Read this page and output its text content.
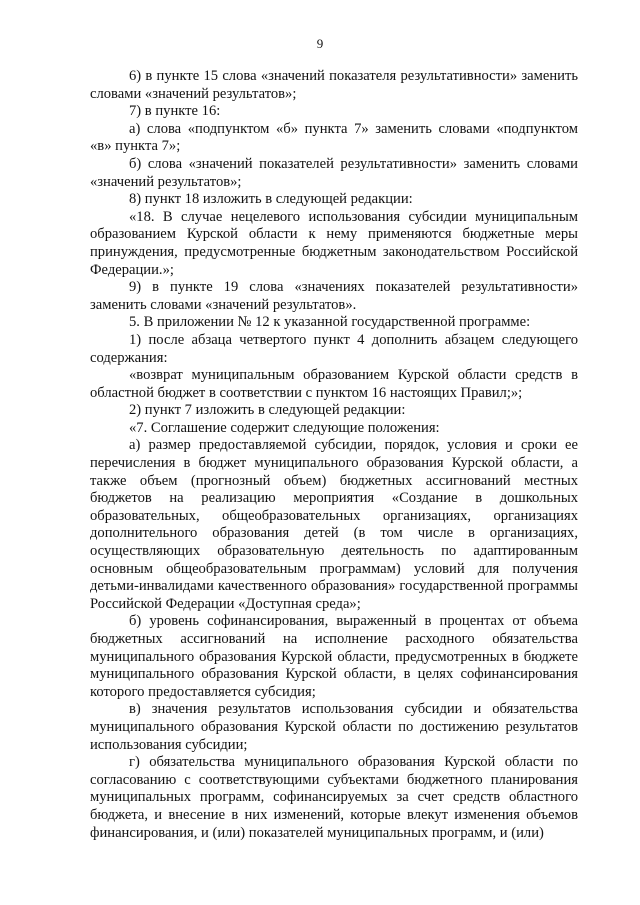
9

6) в пункте 15 слова «значений показателя результативности» заменить словами «значений результатов»;

7) в пункте 16:

а) слова «подпунктом «б» пункта 7» заменить словами «подпунктом «в» пункта 7»;

б) слова «значений показателей результативности» заменить словами «значений результатов»;

8) пункт 18 изложить в следующей редакции:

«18. В случае нецелевого использования субсидии муниципальным образованием Курской области к нему применяются бюджетные меры принуждения, предусмотренные бюджетным законодательством Российской Федерации.»;

9) в пункте 19 слова «значениях показателей результативности» заменить словами «значений результатов».

5. В приложении № 12 к указанной государственной программе:

1) после абзаца четвертого пункт 4 дополнить абзацем следующего содержания:

«возврат муниципальным образованием Курской области средств в областной бюджет в соответствии с пунктом 16 настоящих Правил;»;

2) пункт 7 изложить в следующей редакции:

«7. Соглашение содержит следующие положения:

а) размер предоставляемой субсидии, порядок, условия и сроки ее перечисления в бюджет муниципального образования Курской области, а также объем (прогнозный объем) бюджетных ассигнований местных бюджетов на реализацию мероприятия «Создание в дошкольных образовательных, общеобразовательных организациях, организациях дополнительного образования детей (в том числе в организациях, осуществляющих образовательную деятельность по адаптированным основным общеобразовательным программам) условий для получения детьми-инвалидами качественного образования» государственной программы Российской Федерации «Доступная среда»;

б) уровень софинансирования, выраженный в процентах от объема бюджетных ассигнований на исполнение расходного обязательства муниципального образования Курской области, предусмотренных в бюджете муниципального образования Курской области, в целях софинансирования которого предоставляется субсидия;

в) значения результатов использования субсидии и обязательства муниципального образования Курской области по достижению результатов использования субсидии;

г) обязательства муниципального образования Курской области по согласованию с соответствующими субъектами бюджетного планирования муниципальных программ, софинансируемых за счет средств областного бюджета, и внесение в них изменений, которые влекут изменения объемов финансирования, и (или) показателей муниципальных программ, и (или)
